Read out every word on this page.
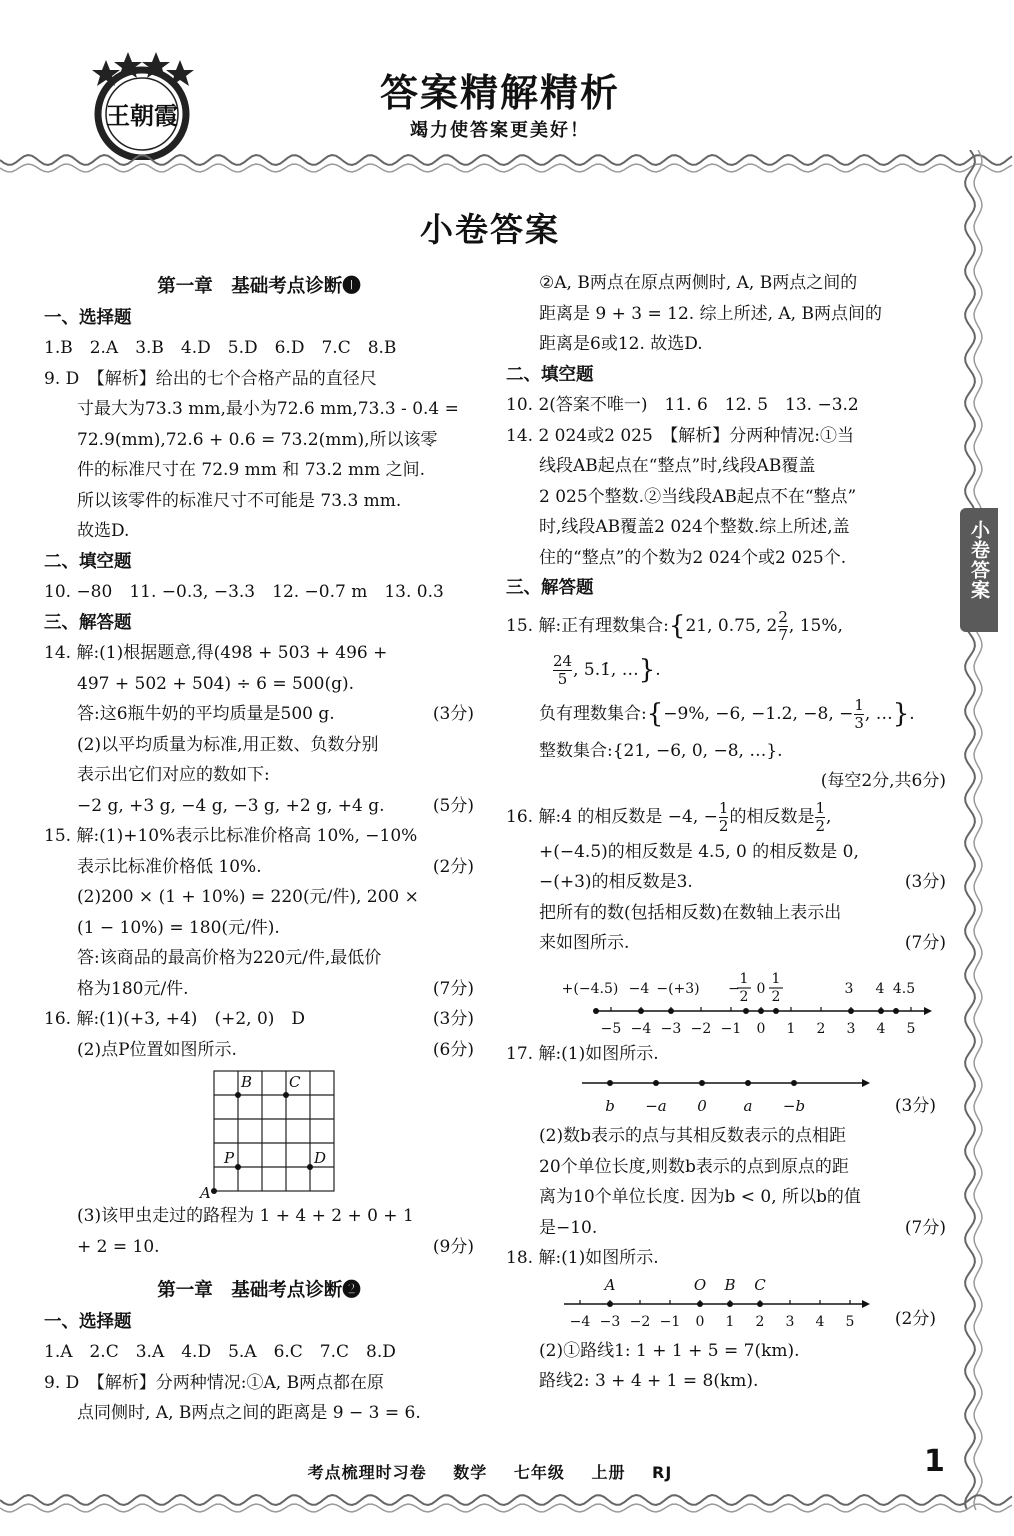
王朝霞
答案精解精析
竭力使答案更美好！
小卷答案
小卷答案
第一章　基础考点诊断❶
一、选择题
1.B　2.A　3.B　4.D　5.D　6.D　7.C　8.B
9. D　【解析】给出的七个合格产品的直径尺
寸最大为73.3 mm,最小为72.6 mm,73.3 - 0.4 =
72.9(mm),72.6 + 0.6 = 73.2(mm),所以该零
件的标准尺寸在 72.9 mm 和 73.2 mm 之间.
所以该零件的标准尺寸不可能是 73.3 mm.
故选D.
二、填空题
10. −80　11. −0.3, −3.3　12. −0.7 m　13. 0.3
三、解答题
14. 解:(1)根据题意,得(498 + 503 + 496 +
497 + 502 + 504) ÷ 6 = 500(g).
答:这6瓶牛奶的平均质量是500 g.	(3分)
(2)以平均质量为标准,用正数、负数分别
表示出它们对应的数如下:
−2 g, +3 g, −4 g, −3 g, +2 g, +4 g.	(5分)
15. 解:(1)+10%表示比标准价格高 10%, −10%
表示比标准价格低 10%.	(2分)
(2)200 × (1 + 10%) = 220(元/件), 200 ×
(1 − 10%) = 180(元/件).
答:该商品的最高价格为220元/件,最低价
格为180元/件.	(7分)
16. 解:(1)(+3, +4)　(+2, 0)　D	(3分)
(2)点P位置如图所示.	(6分)
B C
P	D
A
(3)该甲虫走过的路程为 1 + 4 + 2 + 0 + 1
+ 2 = 10.	(9分)
第一章　基础考点诊断❷
一、选择题
1.A　2.C　3.A　4.D　5.A　6.C　7.C　8.D
9. D　【解析】分两种情况:①A, B两点都在原
点同侧时, A, B两点之间的距离是 9 − 3 = 6.
②A, B两点在原点两侧时, A, B两点之间的
距离是 9 + 3 = 12. 综上所述, A, B两点间的
距离是6或12. 故选D.
二、填空题
10. 2(答案不唯一)　11. 6　12. 5　13. −3.2
14. 2 024或2 025　【解析】分两种情况:①当
线段AB起点在“整点”时,线段AB覆盖
2 025个整数.②当线段AB起点不在“整点”
时,线段AB覆盖2 024个整数.综上所述,盖
住的“整点”的个数为2 024个或2 025个.
三、解答题
15. 解:正有理数集合:{21, 0.75, $2 \frac{2}{7}$ , 15%,
$\frac{24}{5}$ , 5.1̇, …}.
负有理数集合:{−9%, −6, −1.2, −8, − $\frac{1}{3}$ , …}.
整数集合:{21, −6, 0, −8, …}.
(每空2分,共6分)

16. 解:4 的相反数是 −4, − $\frac{1}{2}$ 的相反数是 $\frac{1}{2}$ ,
+(−4.5)的相反数是 4.5, 0 的相反数是 0,
−(+3)的相反数是3.	(3分)
把所有的数(包括相反数)在数轴上表示出
来如图所示.	(7分)
+(−4.5) −4 −(+3) −
1
2 0
1
2	3 4 4.5
−5 −4 −3 −2 −1 0 1 2 3 4 5
17. 解:(1)如图所示.
b −a 0 a −b	(3分)
(2)数b表示的点与其相反数表示的点相距
20个单位长度,则数b表示的点到原点的距
离为10个单位长度. 因为b < 0, 所以b的值
是−10.	(7分)
18. 解:(1)如图所示.
A	O B C
−4 −3 −2 −1 0 1 2 3 4 5 (2分)
(2)①路线1: 1 + 1 + 5 = 7(km).
路线2: 3 + 4 + 1 = 8(km).
考点梳理时习卷 数学 七年级 上册 RJ	1
